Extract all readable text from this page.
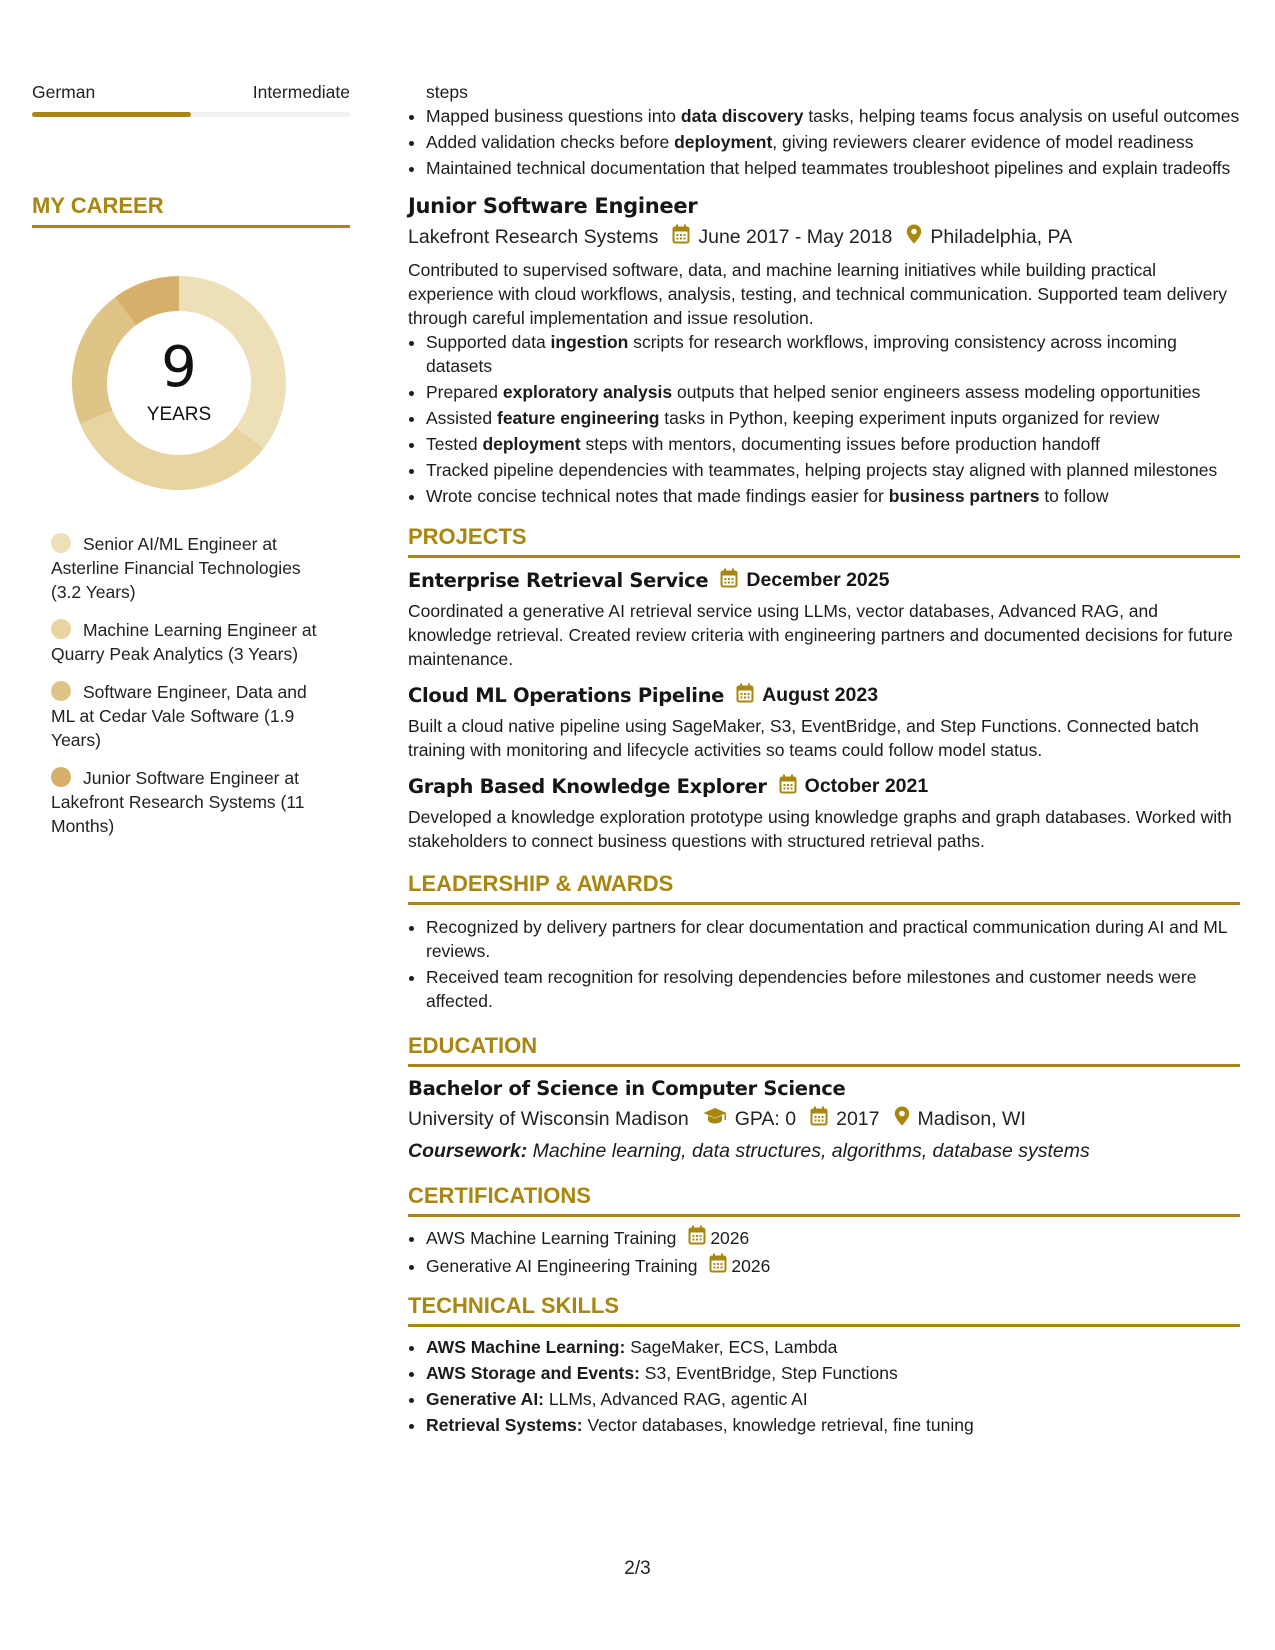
German	Intermediate
MY CAREER
9
YEARS
Senior AI/ML Engineer at Asterline Financial Technologies (3.2 Years)
Machine Learning Engineer at Quarry Peak Analytics (3 Years)
Software Engineer, Data and ML at Cedar Vale Software (1.9 Years)
Junior Software Engineer at Lakefront Research Systems (11 Months)
steps
• Mapped business questions into data discovery tasks, helping teams focus analysis on useful outcomes
• Added validation checks before deployment, giving reviewers clearer evidence of model readiness
• Maintained technical documentation that helped teammates troubleshoot pipelines and explain tradeoffs
Junior Software Engineer
Lakefront Research Systems June 2017 - May 2018 Philadelphia, PA
Contributed to supervised software, data, and machine learning initiatives while building practical experience with cloud workflows, analysis, testing, and technical communication. Supported team delivery through careful implementation and issue resolution.
• Supported data ingestion scripts for research workflows, improving consistency across incoming datasets
• Prepared exploratory analysis outputs that helped senior engineers assess modeling opportunities
• Assisted feature engineering tasks in Python, keeping experiment inputs organized for review
• Tested deployment steps with mentors, documenting issues before production handoff
• Tracked pipeline dependencies with teammates, helping projects stay aligned with planned milestones
• Wrote concise technical notes that made findings easier for business partners to follow
PROJECTS
Enterprise Retrieval Service December 2025
Coordinated a generative AI retrieval service using LLMs, vector databases, Advanced RAG, and knowledge retrieval. Created review criteria with engineering partners and documented decisions for future maintenance.
Cloud ML Operations Pipeline August 2023
Built a cloud native pipeline using SageMaker, S3, EventBridge, and Step Functions. Connected batch training with monitoring and lifecycle activities so teams could follow model status.
Graph Based Knowledge Explorer October 2021
Developed a knowledge exploration prototype using knowledge graphs and graph databases. Worked with stakeholders to connect business questions with structured retrieval paths.
LEADERSHIP & AWARDS
• Recognized by delivery partners for clear documentation and practical communication during AI and ML reviews.
• Received team recognition for resolving dependencies before milestones and customer needs were affected.
EDUCATION
Bachelor of Science in Computer Science
University of Wisconsin Madison GPA: 0 2017 Madison, WI
Coursework: Machine learning, data structures, algorithms, database systems
CERTIFICATIONS
• AWS Machine Learning Training 2026
• Generative AI Engineering Training 2026
TECHNICAL SKILLS
• AWS Machine Learning: SageMaker, ECS, Lambda
• AWS Storage and Events: S3, EventBridge, Step Functions
• Generative AI: LLMs, Advanced RAG, agentic AI
• Retrieval Systems: Vector databases, knowledge retrieval, fine tuning
2/3
